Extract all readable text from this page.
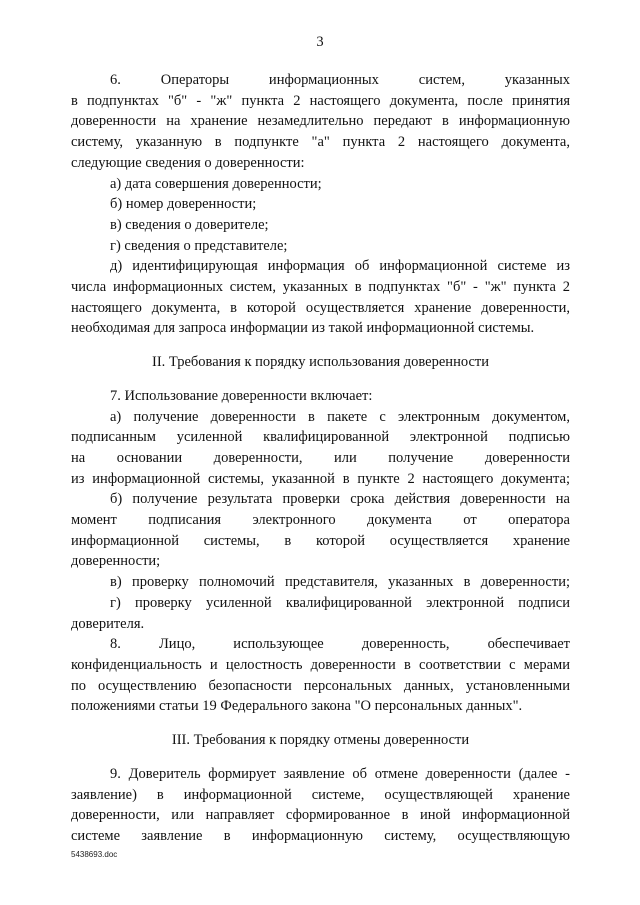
3

6. Операторы информационных систем, указанных

в подпунктах "б" - "ж" пункта 2 настоящего документа, после принятия

доверенности на хранение незамедлительно передают в информационную

систему, указанную в подпункте "а" пункта 2 настоящего документа,

следующие сведения о доверенности:

а) дата совершения доверенности;

б) номер доверенности;

в) сведения о доверителе;

г) сведения о представителе;

д) идентифицирующая информация об информационной системе из

числа информационных систем, указанных в подпунктах "б" - "ж" пункта 2

настоящего документа, в которой осуществляется хранение доверенности,

необходимая для запроса информации из такой информационной системы.

II. Требования к порядку использования доверенности

7. Использование доверенности включает:

а) получение доверенности в пакете с электронным документом,

подписанным усиленной квалифицированной электронной подписью

на основании доверенности, или получение доверенности

из информационной системы, указанной в пункте 2 настоящего документа;

б) получение результата проверки срока действия доверенности на

момент подписания электронного документа от оператора

информационной системы, в которой осуществляется хранение

доверенности;

в) проверку полномочий представителя, указанных в доверенности;

г) проверку усиленной квалифицированной электронной подписи

доверителя.

8. Лицо, использующее доверенность, обеспечивает

конфиденциальность и целостность доверенности в соответствии с мерами

по осуществлению безопасности персональных данных, установленными

положениями статьи 19 Федерального закона "О персональных данных".

III. Требования к порядку отмены доверенности

9. Доверитель формирует заявление об отмене доверенности (далее -

заявление) в информационной системе, осуществляющей хранение

доверенности, или направляет сформированное в иной информационной

системе заявление в информационную систему, осуществляющую

5438693.doc
